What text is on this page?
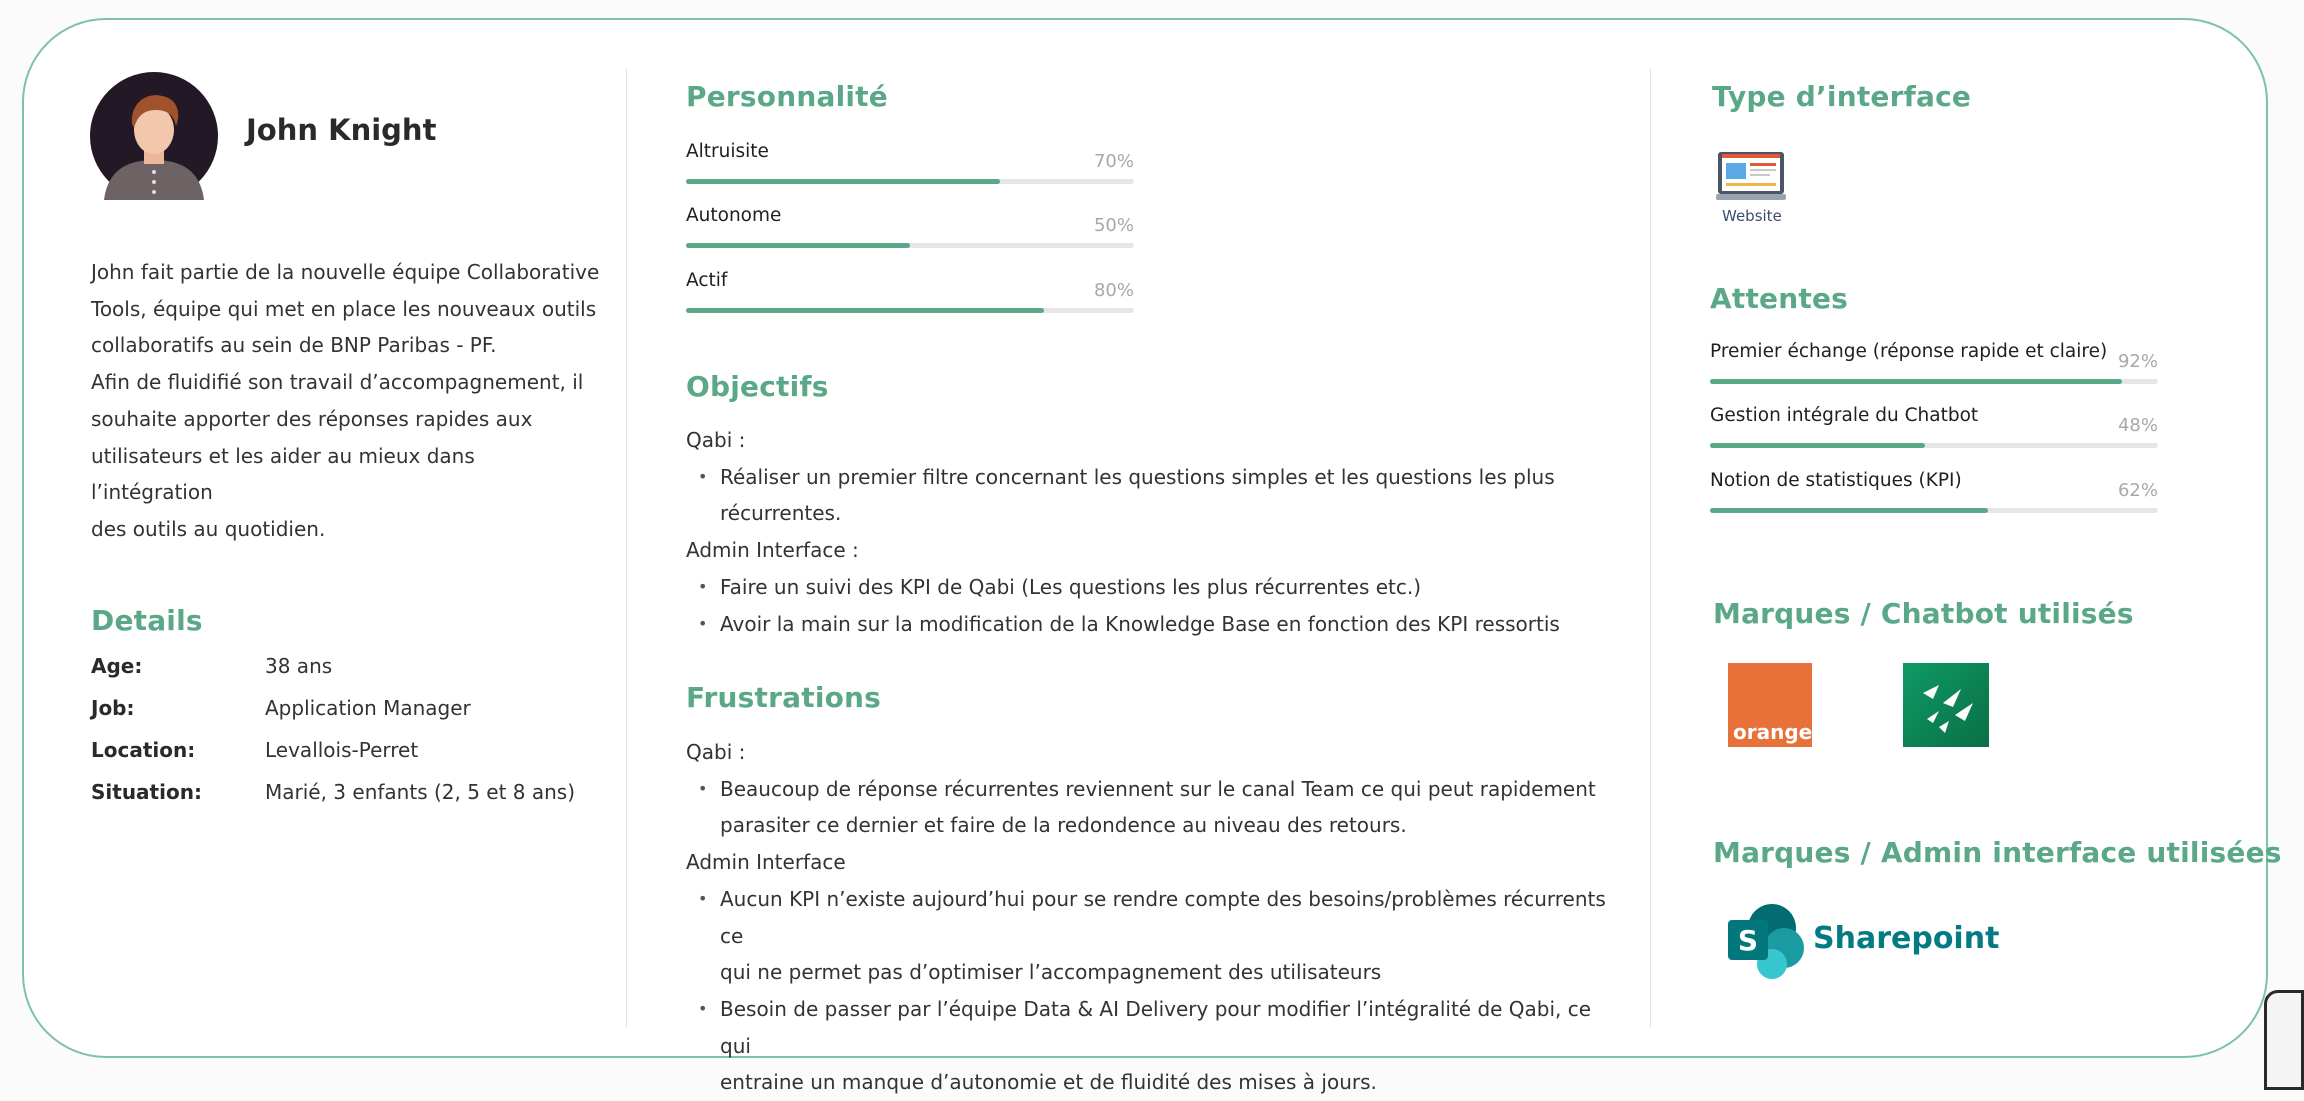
John Knight
John fait partie de la nouvelle équipe Collaborative
Tools, équipe qui met en place les nouveaux outils
collaboratifs au sein de BNP Paribas - PF.
Afin de fluidifié son travail d’accompagnement, il
souhaite apporter des réponses rapides aux
utilisateurs et les aider au mieux dans l’intégration
des outils au quotidien.
Details
Age:	38 ans
Job:	Application Manager
Location:	Levallois-Perret
Situation:	Marié, 3 enfants (2, 5 et 8 ans)
Personnalité
Altruisite	70%
Autonome	50%
Actif	80%
Objectifs
Qabi :
• Réaliser un premier filtre concernant les questions simples et les questions les plus
récurrentes.
Admin Interface :
• Faire un suivi des KPI de Qabi (Les questions les plus récurrentes etc.)
• Avoir la main sur la modification de la Knowledge Base en fonction des KPI ressortis
Frustrations
Qabi :
• Beaucoup de réponse récurrentes reviennent sur le canal Team ce qui peut rapidement
parasiter ce dernier et faire de la redondence au niveau des retours.
Admin Interface
• Aucun KPI n’existe aujourd’hui pour se rendre compte des besoins/problèmes récurrents ce
qui ne permet pas d’optimiser l’accompagnement des utilisateurs
• Besoin de passer par l’équipe Data & AI Delivery pour modifier l’intégralité de Qabi, ce qui
entraine un manque d’autonomie et de fluidité des mises à jours.
Type d’interface
Website
Attentes
Premier échange (réponse rapide et claire) 92%
Gestion intégrale du Chatbot	48%
Notion de statistiques (KPI)	62%
Marques / Chatbot utilisés
orange
Marques / Admin interface utilisées
S Sharepoint
